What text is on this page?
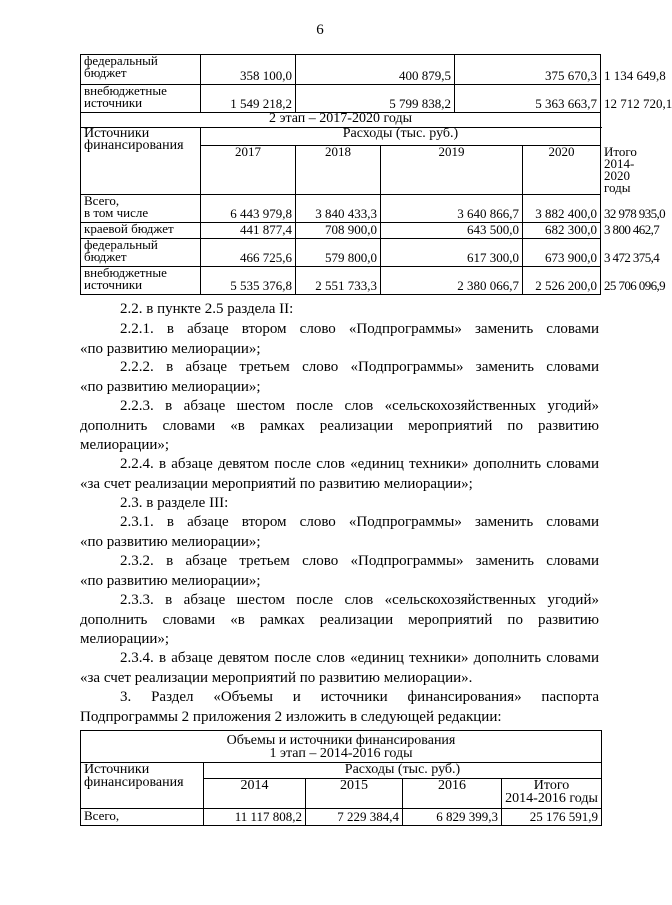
6
федеральный
бюджет	358 100,0	400 879,5		375 670,3		1 134 649,8

внебюджетные
источники	1 549 218,2	5 799 838,2		5 363 663,7		12 712 720,1
2 этап – 2017-2020 годы						

Источники
финансирования	Расходы (тыс. руб.)					
	2017	2018	2019		2020	Итого
2014-2020
годы

Всего,
в том числе	6 443 979,8	3 840 433,3	3 640 866,7		3 882 400,0	32 978 935,0
краевой бюджет	441 877,4	708 900,0	643 500,0		682 300,0	3 800 462,7

федеральный
бюджет	466 725,6	579 800,0	617 300,0		673 900,0	3 472 375,4

внебюджетные
источники	5 535 376,8	2 551 733,3	2 380 066,7		2 526 200,0	25 706 096,9
2.2. в пункте 2.5 раздела II:
2.2.1. в абзаце втором слово «Подпрограммы» заменить словами
«по развитию мелиорации»;
2.2.2. в абзаце третьем слово «Подпрограммы» заменить словами
«по развитию мелиорации»;
2.2.3. в абзаце шестом после слов «сельскохозяйственных угодий»
дополнить словами «в рамках реализации мероприятий по развитию
мелиорации»;
2.2.4. в абзаце девятом после слов «единиц техники» дополнить словами
«за счет реализации мероприятий по развитию мелиорации»;
2.3. в разделе III:
2.3.1. в абзаце втором слово «Подпрограммы» заменить словами
«по развитию мелиорации»;
2.3.2. в абзаце третьем слово «Подпрограммы» заменить словами
«по развитию мелиорации»;
2.3.3. в абзаце шестом после слов «сельскохозяйственных угодий»
дополнить словами «в рамках реализации мероприятий по развитию
мелиорации»;
2.3.4. в абзаце девятом после слов «единиц техники» дополнить словами
«за счет реализации мероприятий по развитию мелиорации».
3. Раздел «Объемы и источники финансирования» паспорта
Подпрограммы 2 приложения 2 изложить в следующей редакции:
Объемы и источники финансирования
1 этап – 2014-2016 годы				

Источники
финансирования	Расходы (тыс. руб.)			
	2014	2015	2016	Итого
2014-2016 годы

Всего,	11 117 808,2	7 229 384,4	6 829 399,3	25 176 591,9
